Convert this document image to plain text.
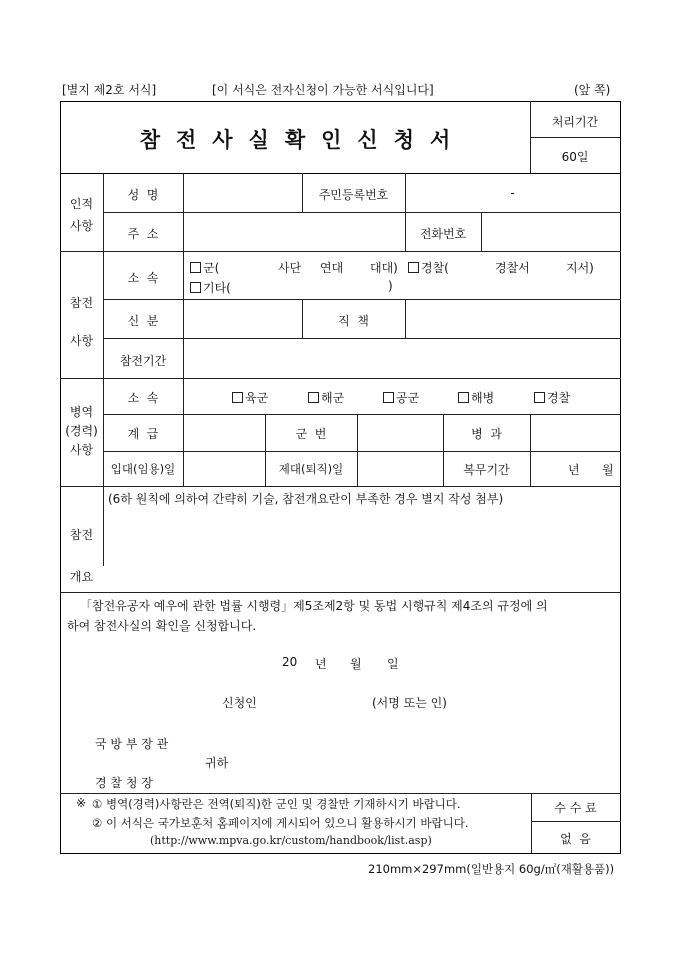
[별지 제2호 서식]	[이 서식은 전자신청이 가능한 서식입니다]	(앞 쪽)
참전사실확인신청서
처리기간
60일
인적
사항
성  명	주민등록번호	-
주  소	전화번호
참전
사항
소  속
군(	사단 연대 대대)	경찰(	경찰서	지서)
기타(	)
신  분	직  책
참전기간
병역
(경력)
사항
소  속	육군	해군	공군	해병	경찰
계  급	군  번	병  과
입대(임용)일	제대(퇴직)일	복무기간	년 월
참전
개요
(6하 원칙에 의하여 간략히 기술, 참전개요란이 부족한 경우 별지 작성 첨부)
「참전유공자 예우에 관한 법률 시행령」제5조제2항 및 동법 시행규칙 제4조의 규정에 의
하여 참전사실의 확인을 신청합니다.
20 년 월 일
신청인	(서명 또는 인)
국 방 부 장 관
귀하
경 찰 청 장
※ ① 병역(경력)사항란은 전역(퇴직)한 군인 및 경찰만 기재하시기 바랍니다.
② 이 서식은 국가보훈처 홈페이지에 게시되어 있으니 활용하시기 바랍니다.
(http://www.mpva.go.kr/custom/handbook/list.asp)
수 수 료
없  음
210mm×297mm(일반용지 60g/㎡(재활용품))
